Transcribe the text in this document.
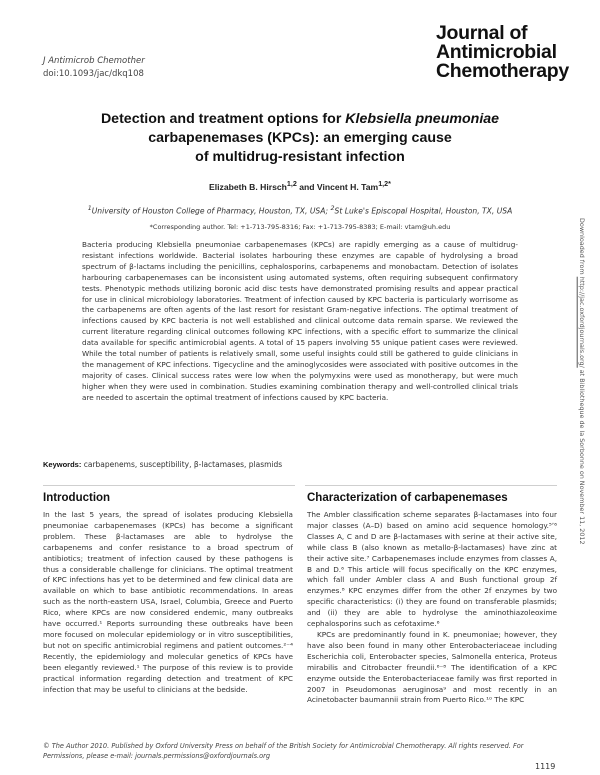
J Antimicrob Chemother
doi:10.1093/jac/dkq108
Journal of
Antimicrobial
Chemotherapy
Detection and treatment options for Klebsiella pneumoniae
carbapenemases (KPCs): an emerging cause
of multidrug-resistant infection
Elizabeth B. Hirsch$^{1,2}$ and Vincent H. Tam$^{1,2*}$
$^1$University of Houston College of Pharmacy, Houston, TX, USA; $^2$St Luke's Episcopal Hospital, Houston, TX, USA
*Corresponding author. Tel: +1-713-795-8316; Fax: +1-713-795-8383; E-mail: vtam@uh.edu
Bacteria producing Klebsiella pneumoniae carbapenemases (KPCs) are rapidly emerging as a cause of multidrug-resistant infections worldwide. Bacterial isolates harbouring these enzymes are capable of hydrolysing a broad spectrum of β-lactams including the penicillins, cephalosporins, carbapenems and monobactam. Detection of isolates harbouring carbapenemases can be inconsistent using automated systems, often requiring subsequent confirmatory tests. Phenotypic methods utilizing boronic acid disc tests have demonstrated promising results and appear practical for use in clinical microbiology laboratories. Treatment of infection caused by KPC bacteria is particularly worrisome as the carbapenems are often agents of the last resort for resistant Gram-negative infections. The optimal treatment of infections caused by KPC bacteria is not well established and clinical outcome data remain sparse. We reviewed the current literature regarding clinical outcomes following KPC infections, with a specific effort to summarize the clinical data available for specific antimicrobial agents. A total of 15 papers involving 55 unique patient cases were reviewed. While the total number of patients is relatively small, some useful insights could still be gathered to guide clinicians in the management of KPC infections. Tigecycline and the aminoglycosides were associated with positive outcomes in the majority of cases. Clinical success rates were low when the polymyxins were used as monotherapy, but were much higher when they were used in combination. Studies examining combination therapy and well-controlled clinical trials are needed to ascertain the optimal treatment of infections caused by KPC bacteria.
Keywords: carbapenems, susceptibility, β-lactamases, plasmids
Introduction

In the last 5 years, the spread of isolates producing Klebsiella pneumoniae carbapenemases (KPCs) has become a significant problem. These β-lactamases are able to hydrolyse the carbapenems and confer resistance to a broad spectrum of antibiotics; treatment of infection caused by these pathogens is thus a considerable challenge for clinicians. The optimal treatment of KPC infections has yet to be determined and few clinical data are available on which to base antibiotic recommendations. In areas such as the north-eastern USA, Israel, Columbia, Greece and Puerto Rico, where KPCs are now considered endemic, many outbreaks have occurred.¹ Reports surrounding these outbreaks have been more focused on molecular epidemiology or in vitro susceptibilities, but not on specific antimicrobial regimens and patient outcomes.²⁻⁴ Recently, the epidemiology and molecular genetics of KPCs have been elegantly reviewed.¹ The purpose of this review is to provide practical information regarding detection and treatment of KPC infection that may be useful to clinicians at the bedside.

Characterization of carbapenemases

The Ambler classification scheme separates β-lactamases into four major classes (A–D) based on amino acid sequence homology.⁵ʼ⁶ Classes A, C and D are β-lactamases with serine at their active site, while class B (also known as metallo-β-lactamases) have zinc at their active site.⁷ Carbapenemases include enzymes from classes A, B and D.⁶ This article will focus specifically on the KPC enzymes, which fall under Ambler class A and Bush functional group 2f enzymes.⁸ KPC enzymes differ from the other 2f enzymes by two specific characteristics: (i) they are found on transferable plasmids; and (ii) they are able to hydrolyse the aminothiazoleoxime cephalosporins such as cefotaxime.⁶

KPCs are predominantly found in K. pneumoniae; however, they have also been found in many other Enterobacteriaceae including Escherichia coli, Enterobacter species, Salmonella enterica, Proteus mirabilis and Citrobacter freundii.⁶⁻⁸ The identification of a KPC enzyme outside the Enterobacteriaceae family was first reported in 2007 in Pseudomonas aeruginosa⁹ and most recently in an Acinetobacter baumannii strain from Puerto Rico.¹⁰ The KPC

© The Author 2010. Published by Oxford University Press on behalf of the British Society for Antimicrobial Chemotherapy. All rights reserved. For Permissions, please e-mail: journals.permissions@oxfordjournals.org
1119
Downloaded from http://jac.oxfordjournals.org/ at Bibliotheque de la Sorbonne on November 11, 2012
